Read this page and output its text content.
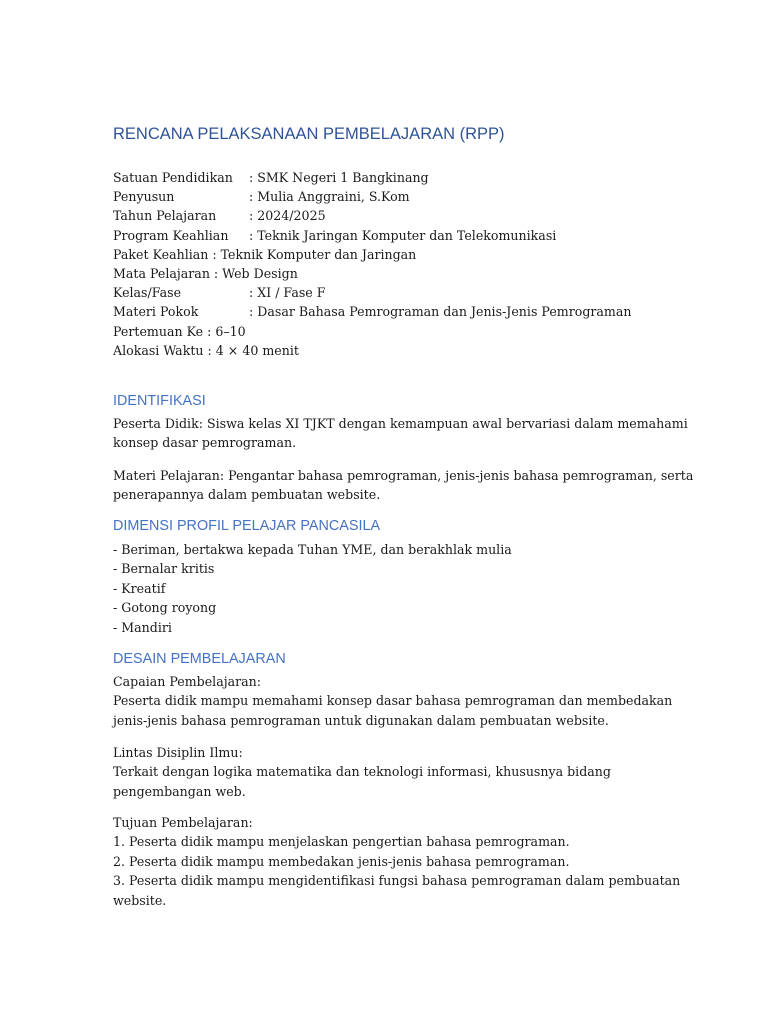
RENCANA PELAKSANAAN PEMBELAJARAN (RPP)
Satuan Pendidikan : SMK Negeri 1 Bangkinang
Penyusun	: Mulia Anggraini, S.Kom
Tahun Pelajaran	: 2024/2025
Program Keahlian : Teknik Jaringan Komputer dan Telekomunikasi
Paket Keahlian : Teknik Komputer dan Jaringan
Mata Pelajaran : Web Design
Kelas/Fase	: XI / Fase F
Materi Pokok	: Dasar Bahasa Pemrograman dan Jenis-Jenis Pemrograman
Pertemuan Ke : 6–10
Alokasi Waktu : 4 × 40 menit
IDENTIFIKASI
Peserta Didik: Siswa kelas XI TJKT dengan kemampuan awal bervariasi dalam memahami
konsep dasar pemrograman.
Materi Pelajaran: Pengantar bahasa pemrograman, jenis-jenis bahasa pemrograman, serta
penerapannya dalam pembuatan website.
DIMENSI PROFIL PELAJAR PANCASILA
- Beriman, bertakwa kepada Tuhan YME, dan berakhlak mulia
- Bernalar kritis
- Kreatif
- Gotong royong
- Mandiri
DESAIN PEMBELAJARAN
Capaian Pembelajaran:
Peserta didik mampu memahami konsep dasar bahasa pemrograman dan membedakan
jenis-jenis bahasa pemrograman untuk digunakan dalam pembuatan website.
Lintas Disiplin Ilmu:
Terkait dengan logika matematika dan teknologi informasi, khususnya bidang
pengembangan web.
Tujuan Pembelajaran:
1. Peserta didik mampu menjelaskan pengertian bahasa pemrograman.
2. Peserta didik mampu membedakan jenis-jenis bahasa pemrograman.
3. Peserta didik mampu mengidentifikasi fungsi bahasa pemrograman dalam pembuatan
website.
